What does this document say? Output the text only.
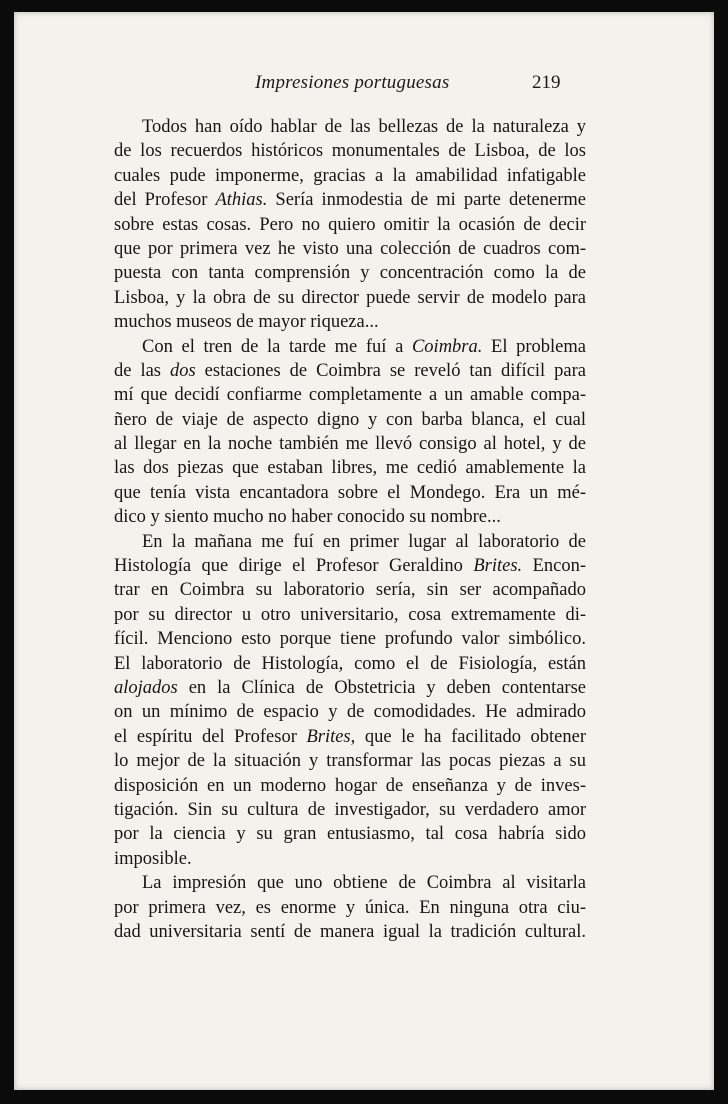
Impresiones portuguesas	219
Todos han oído hablar de las bellezas de la naturaleza y
de los recuerdos históricos monumentales de Lisboa, de los
cuales pude imponerme, gracias a la amabilidad infatigable
del Profesor Athias. Sería inmodestia de mi parte detenerme
sobre estas cosas. Pero no quiero omitir la ocasión de decir
que por primera vez he visto una colección de cuadros com-
puesta con tanta comprensión y concentración como la de
Lisboa, y la obra de su director puede servir de modelo para
muchos museos de mayor riqueza...
Con el tren de la tarde me fuí a Coimbra. El problema
de las dos estaciones de Coimbra se reveló tan difícil para
mí que decidí confiarme completamente a un amable compa-
ñero de viaje de aspecto digno y con barba blanca, el cual
al llegar en la noche también me llevó consigo al hotel, y de
las dos piezas que estaban libres, me cedió amablemente la
que tenía vista encantadora sobre el Mondego. Era un mé-
dico y siento mucho no haber conocido su nombre...
En la mañana me fuí en primer lugar al laboratorio de
Histología que dirige el Profesor Geraldino Brites. Encon-
trar en Coimbra su laboratorio sería, sin ser acompañado
por su director u otro universitario, cosa extremamente di-
fícil. Menciono esto porque tiene profundo valor simbólico.
El laboratorio de Histología, como el de Fisiología, están
alojados en la Clínica de Obstetricia y deben contentarse
on un mínimo de espacio y de comodidades. He admirado
el espíritu del Profesor Brites, que le ha facilitado obtener
lo mejor de la situación y transformar las pocas piezas a su
disposición en un moderno hogar de enseñanza y de inves-
tigación. Sin su cultura de investigador, su verdadero amor
por la ciencia y su gran entusiasmo, tal cosa habría sido
imposible.
La impresión que uno obtiene de Coimbra al visitarla
por primera vez, es enorme y única. En ninguna otra ciu-
dad universitaria sentí de manera igual la tradición cultural.
